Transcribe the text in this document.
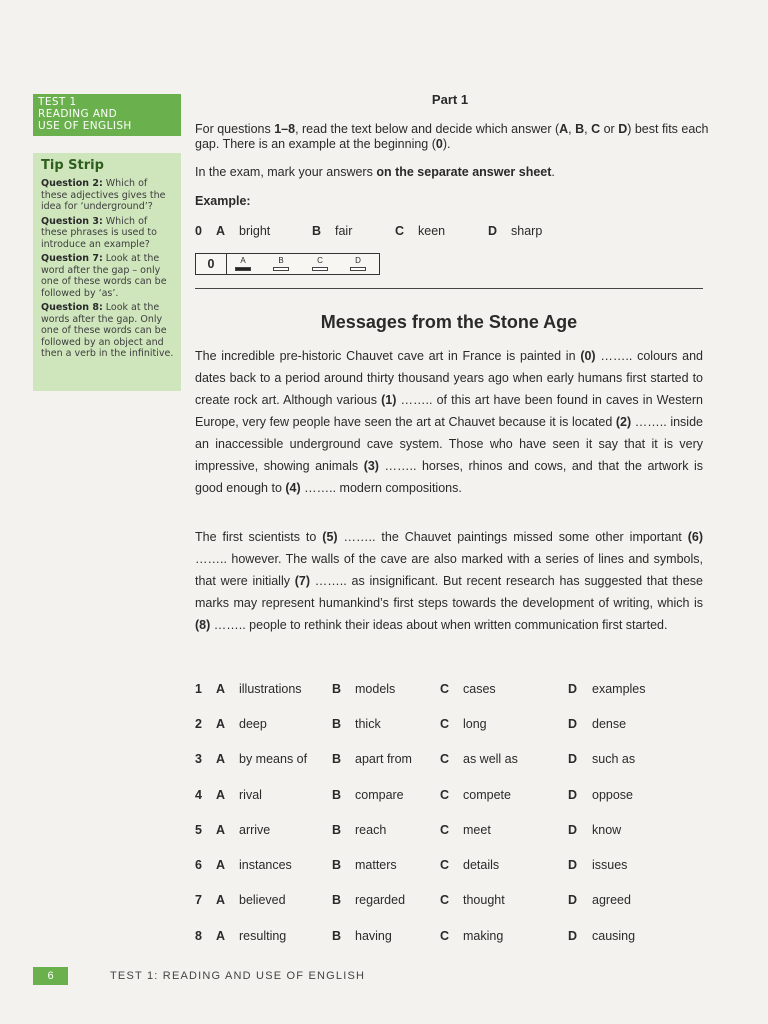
TEST 1
READING AND
USE OF ENGLISH
Tip Strip
Question 2: Which of these adjectives gives the idea for ‘underground’?
Question 3: Which of these phrases is used to introduce an example?
Question 7: Look at the word after the gap – only one of these words can be followed by ‘as’.
Question 8: Look at the words after the gap. Only one of these words can be followed by an object and then a verb in the infinitive.
Part 1
For questions 1–8, read the text below and decide which answer (A, B, C or D) best fits each gap. There is an example at the beginning (0).
In the exam, mark your answers on the separate answer sheet.
Example:
0 A bright	B fair	C keen	D sharp
0	A	B	C	D
Messages from the Stone Age
The incredible pre-historic Chauvet cave art in France is painted in (0) …….. colours and dates back to a period around thirty thousand years ago when early humans first started to create rock art. Although various (1) …….. of this art have been found in caves in Western Europe, very few people have seen the art at Chauvet because it is located (2) …….. inside an inaccessible underground cave system. Those who have seen it say that it is very impressive, showing animals (3) …….. horses, rhinos and cows, and that the artwork is good enough to (4) …….. modern compositions.
The first scientists to (5) …….. the Chauvet paintings missed some other important (6) …….. however. The walls of the cave are also marked with a series of lines and symbols, that were initially (7) …….. as insignificant. But recent research has suggested that these marks may represent humankind’s first steps towards the development of writing, which is (8) …….. people to rethink their ideas about when written communication first started.
1 A illustrations B models	C cases	D examples
2 A deep	B thick	C long	D dense
3 A by means of B apart from C as well as	D such as
4 A rival	B compare	C compete	D oppose
5 A arrive	B reach	C meet	D know
6 A instances	B matters	C details	D issues
7 A believed	B regarded	C thought	D agreed
8 A resulting	B having	C making	D causing
6	TEST 1: READING AND USE OF ENGLISH
